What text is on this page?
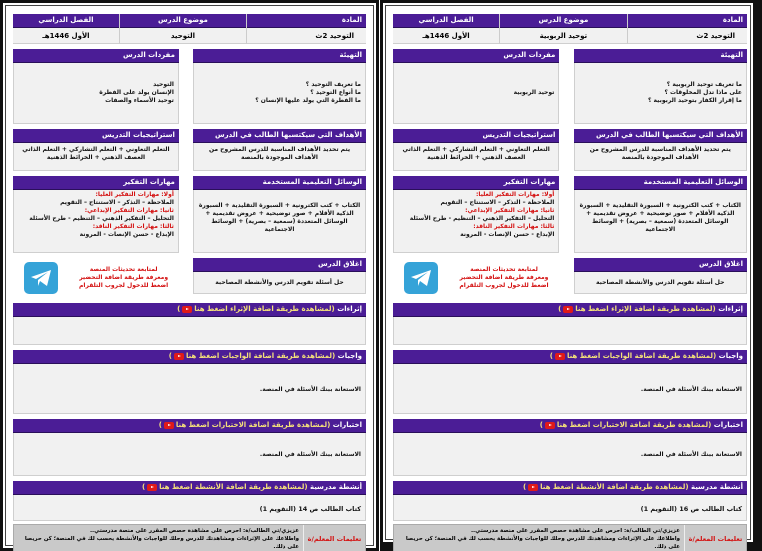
المادة
التوحيد 2ث
موضوع الدرس
التوحيد
الفصل الدراسي
الأول 1446هـ
التهيئة
ما تعريف التوحيد ؟
ما أنواع التوحيد ؟
ما الفطرة التي يولد عليها الإنسان ؟
مفردات الدرس
التوحيد
الإنسان يولد على الفطرة
توحيد الأسماء والصفات
الأهداف التي سيكتسبها الطالب في الدرس
يتم تحديد الأهداف المناسبة للدرس المشروح من الأهداف الموجودة بالمنصة
استراتيجيات التدريس
التعلم التعاوني + التعلم التشاركي + التعلم الذاتي العصف الذهني + الخرائط الذهنية
الوسائل التعليمية المستخدمة
الكتاب + كتب الكترونية + السبورة التقليدية + السبورة الذكية الأقلام + صور توضيحية + عروض تقديمية + الوسائل المتعددة (سمعية – بصرية) + الوسائط الاجتماعية
مهارات التفكير
أولا: مهارات التفكير العليا:
الملاحظة – التذكر – الاستنتاج – التقويم
ثانيا: مهارات التفكير الإبداعي:
التحليل – التفكير الذهني – التنظيم - طرح الأسئلة
ثالثا: مهارات التفكير الناقد:
الإبداع - حسن الإنصات - المرونة
اغلاق الدرس
حل أسئلة تقويم الدرس والأنشطة المصاحبة
لمتابعة تحديثات المنصة
ومعرفة طريقة اضافة التحضير
اضغط للدخول لجروب التلقرام
إثراءات (لمشاهدة طريقة اضافة الإثراء اضغط هنا)
واجبات (لمشاهدة طريقة اضافة الواجبات اضغط هنا)
الاستعانة ببنك الأسئلة في المنصة.
اختبارات (لمشاهدة طريقة اضافة الاختبارات اضغط هنا)
الاستعانة ببنك الأسئلة في المنصة.
أنشطة مدرسية (لمشاهدة طريقة اضافة الأنشطة اضغط هنا)
كتاب الطالب ص 14 (التقويم 1)
تعليمات المعلم/ة
عزيزي/تي الطالب/ة: احرص على مشاهدة حصص المقرر على منصة مدرستي..
واطلاعك على الإثراءات ومشاهدتك للدرس وحلك للواجبات والأنشطة يحسب لك في المنصة؛ كن حريصا على ذلك.
المادة
التوحيد 2ث
موضوع الدرس
توحيد الربوبية
الفصل الدراسي
الأول 1446هـ
التهيئة
ما تعريف توحيد الربوبية ؟
على ماذا تدل المخلوقات ؟
ما إقرار الكفار بتوحيد الربوبية ؟
مفردات الدرس
توحيد الربوبية
الأهداف التي سيكتسبها الطالب في الدرس
يتم تحديد الأهداف المناسبة للدرس المشروح من الأهداف الموجودة بالمنصة
استراتيجيات التدريس
التعلم التعاوني + التعلم التشاركي + التعلم الذاتي العصف الذهني + الخرائط الذهنية
الوسائل التعليمية المستخدمة
الكتاب + كتب الكترونية + السبورة التقليدية + السبورة الذكية الأقلام + صور توضيحية + عروض تقديمية + الوسائل المتعددة (سمعية – بصرية) + الوسائط الاجتماعية
مهارات التفكير
أولا: مهارات التفكير العليا:
الملاحظة – التذكر – الاستنتاج – التقويم
ثانيا: مهارات التفكير الإبداعي:
التحليل – التفكير الذهني – التنظيم - طرح الأسئلة
ثالثا: مهارات التفكير الناقد:
الإبداع - حسن الإنصات - المرونة
اغلاق الدرس
حل أسئلة تقويم الدرس والأنشطة المصاحبة
لمتابعة تحديثات المنصة
ومعرفة طريقة اضافة التحضير
اضغط للدخول لجروب التلقرام
إثراءات (لمشاهدة طريقة اضافة الإثراء اضغط هنا)
واجبات (لمشاهدة طريقة اضافة الواجبات اضغط هنا)
الاستعانة ببنك الأسئلة في المنصة.
اختبارات (لمشاهدة طريقة اضافة الاختبارات اضغط هنا)
الاستعانة ببنك الأسئلة في المنصة.
أنشطة مدرسية (لمشاهدة طريقة اضافة الأنشطة اضغط هنا)
كتاب الطالب ص 16 (التقويم 1)
تعليمات المعلم/ة
عزيزي/تي الطالب/ة: احرص على مشاهدة حصص المقرر على منصة مدرستي..
واطلاعك على الإثراءات ومشاهدتك للدرس وحلك للواجبات والأنشطة يحسب لك في المنصة؛ كن حريصا على ذلك.
